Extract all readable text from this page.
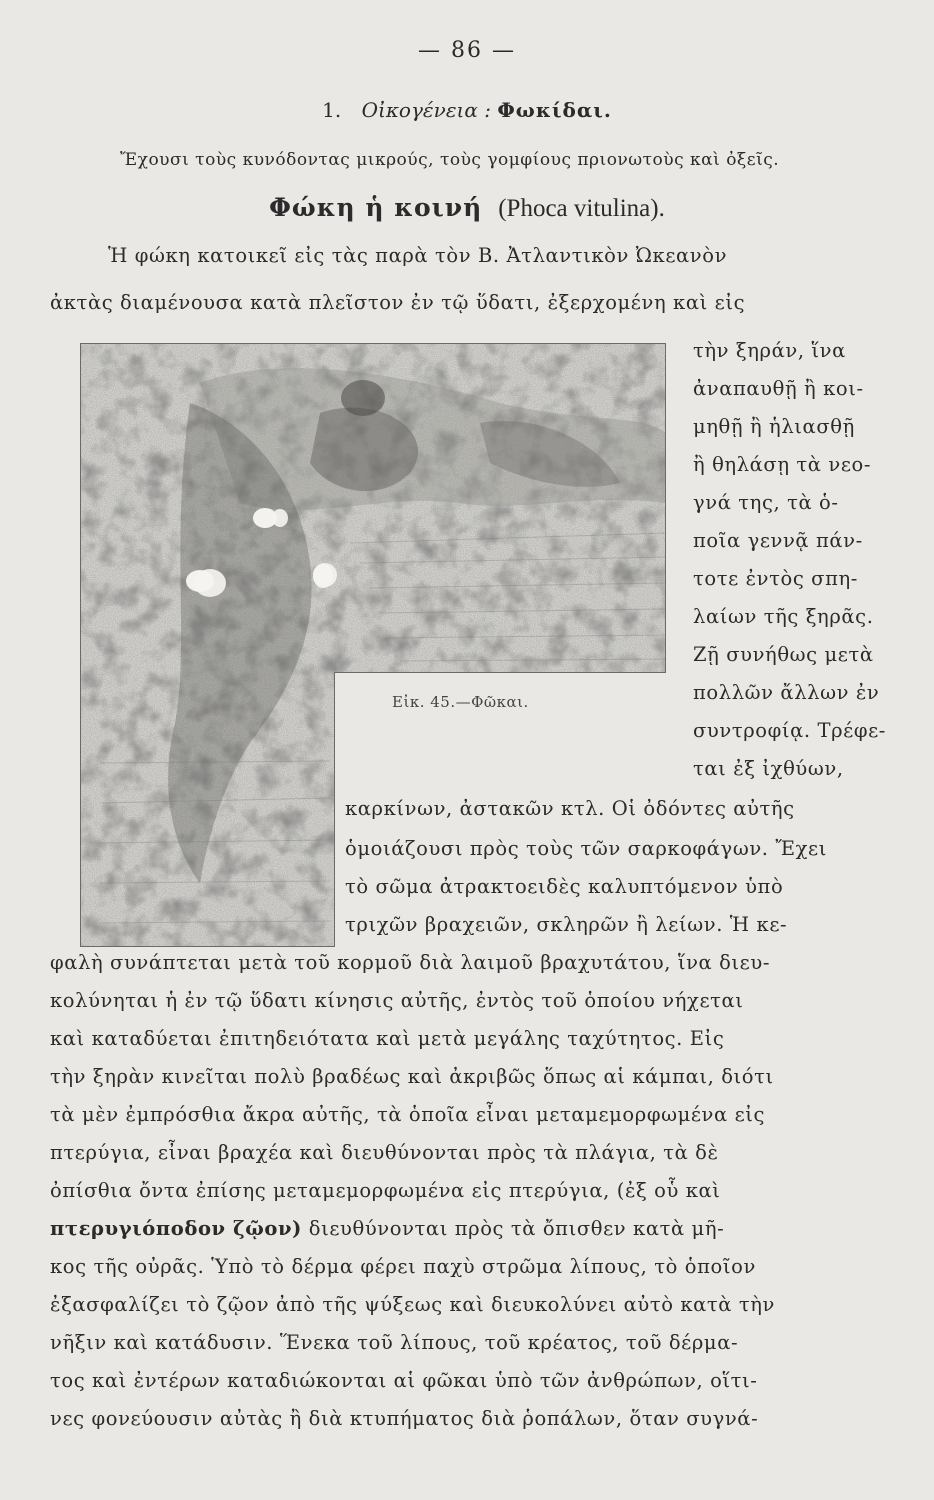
— 86 —
1. Οἰκογένεια : Φωκίδαι.
Ἔχουσι τοὺς κυνόδοντας μικρούς, τοὺς γομφίους πριονωτοὺς καὶ ὀξεῖς.
Φώκη ἡ κοινή (Phoca vitulina).
Ἡ φώκη κατοικεῖ εἰς τὰς παρὰ τὸν Β. Ἀτλαντικὸν Ὠκεανὸν
ἀκτὰς διαμένουσα κατὰ πλεῖστον ἐν τῷ ὕδατι, ἐξερχομένη καὶ εἰς
Εἰκ. 45.—Φῶκαι.
τὴν ξηράν, ἵνα
ἀναπαυθῇ ἢ κοι-
μηθῇ ἢ ἡλιασθῇ
ἢ θηλάσῃ τὰ νεο-
γνά της, τὰ ὁ-
ποῖα γεννᾷ πάν-
τοτε ἐντὸς σπη-
λαίων τῆς ξηρᾶς.
Ζῇ συνήθως μετὰ
πολλῶν ἄλλων ἐν
συντροφίᾳ. Τρέφε-
ται ἐξ ἰχθύων,
καρκίνων, ἀστακῶν κτλ. Οἱ ὀδόντες αὐτῆς
ὁμοιάζουσι πρὸς τοὺς τῶν σαρκοφάγων. Ἔχει
τὸ σῶμα ἀτρακτοειδὲς καλυπτόμενον ὑπὸ
τριχῶν βραχειῶν, σκληρῶν ἢ λείων. Ἡ κε-
φαλὴ συνάπτεται μετὰ τοῦ κορμοῦ διὰ λαιμοῦ βραχυτάτου, ἵνα διευ-
κολύνηται ἡ ἐν τῷ ὕδατι κίνησις αὐτῆς, ἐντὸς τοῦ ὁποίου νήχεται
καὶ καταδύεται ἐπιτηδειότατα καὶ μετὰ μεγάλης ταχύτητος. Εἰς
τὴν ξηρὰν κινεῖται πολὺ βραδέως καὶ ἀκριβῶς ὅπως αἱ κάμπαι, διότι
τὰ μὲν ἐμπρόσθια ἄκρα αὐτῆς, τὰ ὁποῖα εἶναι μεταμεμορφωμένα εἰς
πτερύγια, εἶναι βραχέα καὶ διευθύνονται πρὸς τὰ πλάγια, τὰ δὲ
ὀπίσθια ὄντα ἐπίσης μεταμεμορφωμένα εἰς πτερύγια, (ἐξ οὗ καὶ
πτερυγιόποδον ζῷον) διευθύνονται πρὸς τὰ ὄπισθεν κατὰ μῆ-
κος τῆς οὐρᾶς. Ὑπὸ τὸ δέρμα φέρει παχὺ στρῶμα λίπους, τὸ ὁποῖον
ἐξασφαλίζει τὸ ζῷον ἀπὸ τῆς ψύξεως καὶ διευκολύνει αὐτὸ κατὰ τὴν
νῆξιν καὶ κατάδυσιν. Ἕνεκα τοῦ λίπους, τοῦ κρέατος, τοῦ δέρμα-
τος καὶ ἐντέρων καταδιώκονται αἱ φῶκαι ὑπὸ τῶν ἀνθρώπων, οἵτι-
νες φονεύουσιν αὐτὰς ἢ διὰ κτυπήματος διὰ ῥοπάλων, ὅταν συγνά-
